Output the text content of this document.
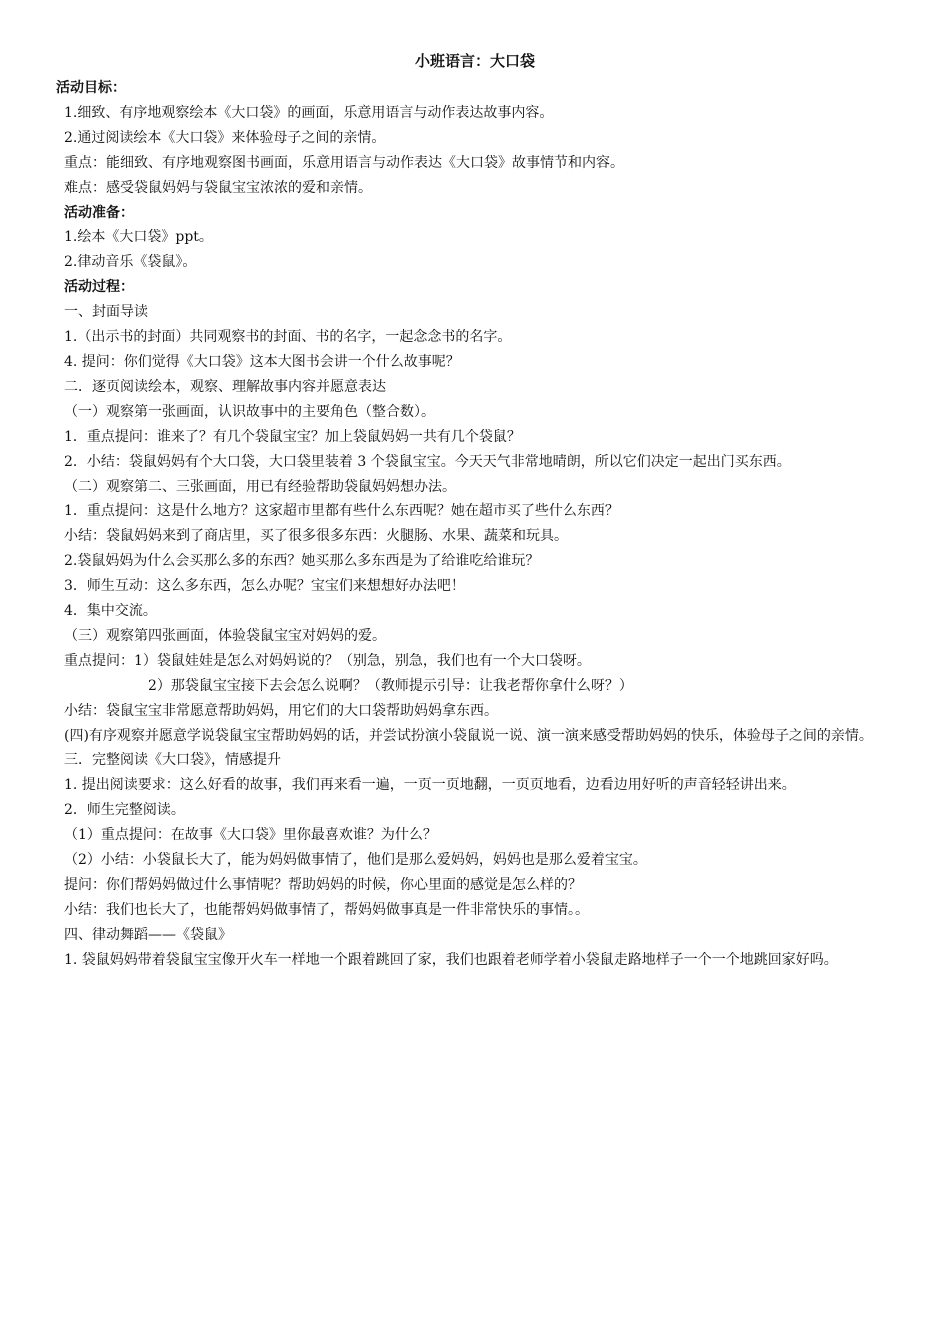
小班语言：大口袋
活动目标：
1.细致、有序地观察绘本《大口袋》的画面，乐意用语言与动作表达故事内容。
2.通过阅读绘本《大口袋》来体验母子之间的亲情。
重点：能细致、有序地观察图书画面，乐意用语言与动作表达《大口袋》故事情节和内容。
难点：感受袋鼠妈妈与袋鼠宝宝浓浓的爱和亲情。
活动准备：
1.绘本《大口袋》ppt。
2.律动音乐《袋鼠》。
活动过程：
一、封面导读
1.（出示书的封面）共同观察书的封面、书的名字，一起念念书的名字。
4. 提问：你们觉得《大口袋》这本大图书会讲一个什么故事呢？
二．逐页阅读绘本，观察、理解故事内容并愿意表达
（一）观察第一张画面，认识故事中的主要角色（整合数）。
1．重点提问：谁来了？有几个袋鼠宝宝？加上袋鼠妈妈一共有几个袋鼠？
2．小结：袋鼠妈妈有个大口袋，大口袋里装着 3 个袋鼠宝宝。今天天气非常地晴朗，所以它们决定一起出门买东西。
（二）观察第二、三张画面，用已有经验帮助袋鼠妈妈想办法。
1．重点提问：这是什么地方？这家超市里都有些什么东西呢？她在超市买了些什么东西？
小结：袋鼠妈妈来到了商店里，买了很多很多东西：火腿肠、水果、蔬菜和玩具。
2.袋鼠妈妈为什么会买那么多的东西？她买那么多东西是为了给谁吃给谁玩？
3．师生互动：这么多东西，怎么办呢？宝宝们来想想好办法吧！
4．集中交流。
（三）观察第四张画面，体验袋鼠宝宝对妈妈的爱。
重点提问：1）袋鼠娃娃是怎么对妈妈说的？（别急，别急，我们也有一个大口袋呀。
2）那袋鼠宝宝接下去会怎么说啊？（教师提示引导：让我老帮你拿什么呀？）
小结：袋鼠宝宝非常愿意帮助妈妈，用它们的大口袋帮助妈妈拿东西。
(四)有序观察并愿意学说袋鼠宝宝帮助妈妈的话，并尝试扮演小袋鼠说一说、演一演来感受帮助妈妈的快乐，体验母子之间的亲情。
三．完整阅读《大口袋》，情感提升
1. 提出阅读要求：这么好看的故事，我们再来看一遍，一页一页地翻，一页页地看，边看边用好听的声音轻轻讲出来。
2．师生完整阅读。
（1）重点提问：在故事《大口袋》里你最喜欢谁？为什么？
（2）小结：小袋鼠长大了，能为妈妈做事情了，他们是那么爱妈妈，妈妈也是那么爱着宝宝。
提问：你们帮妈妈做过什么事情呢？帮助妈妈的时候，你心里面的感觉是怎么样的？
小结：我们也长大了，也能帮妈妈做事情了，帮妈妈做事真是一件非常快乐的事情。。
四、律动舞蹈——《袋鼠》
1. 袋鼠妈妈带着袋鼠宝宝像开火车一样地一个跟着跳回了家，我们也跟着老师学着小袋鼠走路地样子一个一个地跳回家好吗。
